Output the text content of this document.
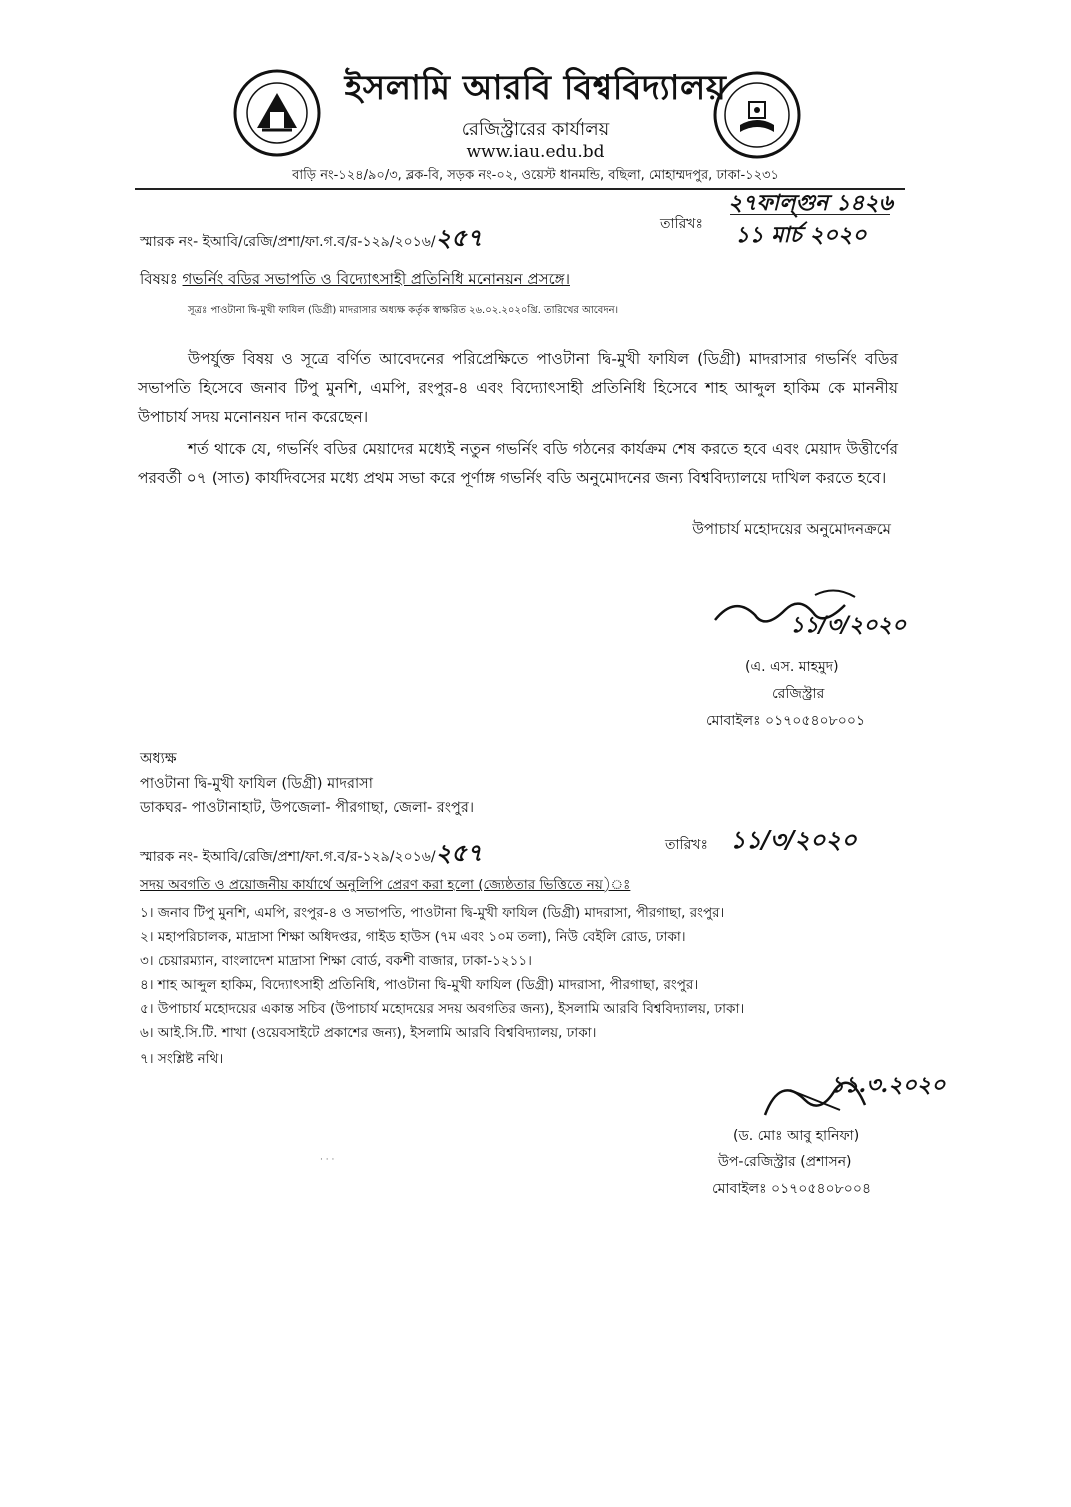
ইসলামি আরবি বিশ্ববিদ্যালয়
রেজিস্ট্রারের কার্যালয়
www.iau.edu.bd
বাড়ি নং-১২৪/৯০/৩, ব্লক-বি, সড়ক নং-০২, ওয়েস্ট ধানমন্ডি, বছিলা, মোহাম্মদপুর, ঢাকা-১২৩১
স্মারক নং- ইআবি/রেজি/প্রশা/ফা.গ.ব/র-১২৯/২০১৬/২৫৭	তারিখঃ
২৭ফাল্গুন ১৪২৬
১১ মার্চ ২০২০
বিষয়ঃ গভর্নিং বডির সভাপতি ও বিদ্যোৎসাহী প্রতিনিধি মনোনয়ন প্রসঙ্গে।
সূত্রঃ পাওটানা দ্বি-মুখী ফাযিল (ডিগ্রী) মাদরাসার অধ্যক্ষ কর্তৃক স্বাক্ষরিত ২৬.০২.২০২০খ্রি. তারিখের আবেদন।
উপর্যুক্ত বিষয় ও সূত্রে বর্ণিত আবেদনের পরিপ্রেক্ষিতে পাওটানা দ্বি-মুখী ফাযিল (ডিগ্রী) মাদরাসার গভর্নিং বডির সভাপতি হিসেবে জনাব টিপু মুনশি, এমপি, রংপুর-৪ এবং বিদ্যোৎসাহী প্রতিনিধি হিসেবে শাহ আব্দুল হাকিম কে মাননীয় উপাচার্য সদয় মনোনয়ন দান করেছেন।
শর্ত থাকে যে, গভর্নিং বডির মেয়াদের মধ্যেই নতুন গভর্নিং বডি গঠনের কার্যক্রম শেষ করতে হবে এবং মেয়াদ উত্তীর্ণের পরবর্তী ০৭ (সাত) কার্যদিবসের মধ্যে প্রথম সভা করে পূর্ণাঙ্গ গভর্নিং বডি অনুমোদনের জন্য বিশ্ববিদ্যালয়ে দাখিল করতে হবে।
উপাচার্য মহোদয়ের অনুমোদনক্রমে
১১/৩/২০২০
(এ. এস. মাহমুদ)
রেজিস্ট্রার
মোবাইলঃ ০১৭০৫৪০৮০০১
অধ্যক্ষ
পাওটানা দ্বি-মুখী ফাযিল (ডিগ্রী) মাদরাসা
ডাকঘর- পাওটানাহাট, উপজেলা- পীরগাছা, জেলা- রংপুর।
স্মারক নং- ইআবি/রেজি/প্রশা/ফা.গ.ব/র-১২৯/২০১৬/২৫৭	তারিখঃ ১১/৩/২০২০
সদয় অবগতি ও প্রয়োজনীয় কার্যার্থে অনুলিপি প্রেরণ করা হলো (জ্যেষ্ঠতার ভিত্তিতে নয়)ঃ
১। জনাব টিপু মুনশি, এমপি, রংপুর-৪ ও সভাপতি, পাওটানা দ্বি-মুখী ফাযিল (ডিগ্রী) মাদরাসা, পীরগাছা, রংপুর।
২। মহাপরিচালক, মাদ্রাসা শিক্ষা অধিদপ্তর, গাইড হাউস (৭ম এবং ১০ম তলা), নিউ বেইলি রোড, ঢাকা।
৩। চেয়ারম্যান, বাংলাদেশ মাদ্রাসা শিক্ষা বোর্ড, বকশী বাজার, ঢাকা-১২১১।
৪। শাহ আব্দুল হাকিম, বিদ্যোৎসাহী প্রতিনিধি, পাওটানা দ্বি-মুখী ফাযিল (ডিগ্রী) মাদরাসা, পীরগাছা, রংপুর।
৫। উপাচার্য মহোদয়ের একান্ত সচিব (উপাচার্য মহোদয়ের সদয় অবগতির জন্য), ইসলামি আরবি বিশ্ববিদ্যালয়, ঢাকা।
৬। আই.সি.টি. শাখা (ওয়েবসাইটে প্রকাশের জন্য), ইসলামি আরবি বিশ্ববিদ্যালয়, ঢাকা।
৭। সংশ্লিষ্ট নথি।
১১.৩.২০২০
(ড. মোঃ আবু হানিফা)
উপ-রেজিস্ট্রার (প্রশাসন)
মোবাইলঃ ০১৭০৫৪০৮০০৪
· · ·
